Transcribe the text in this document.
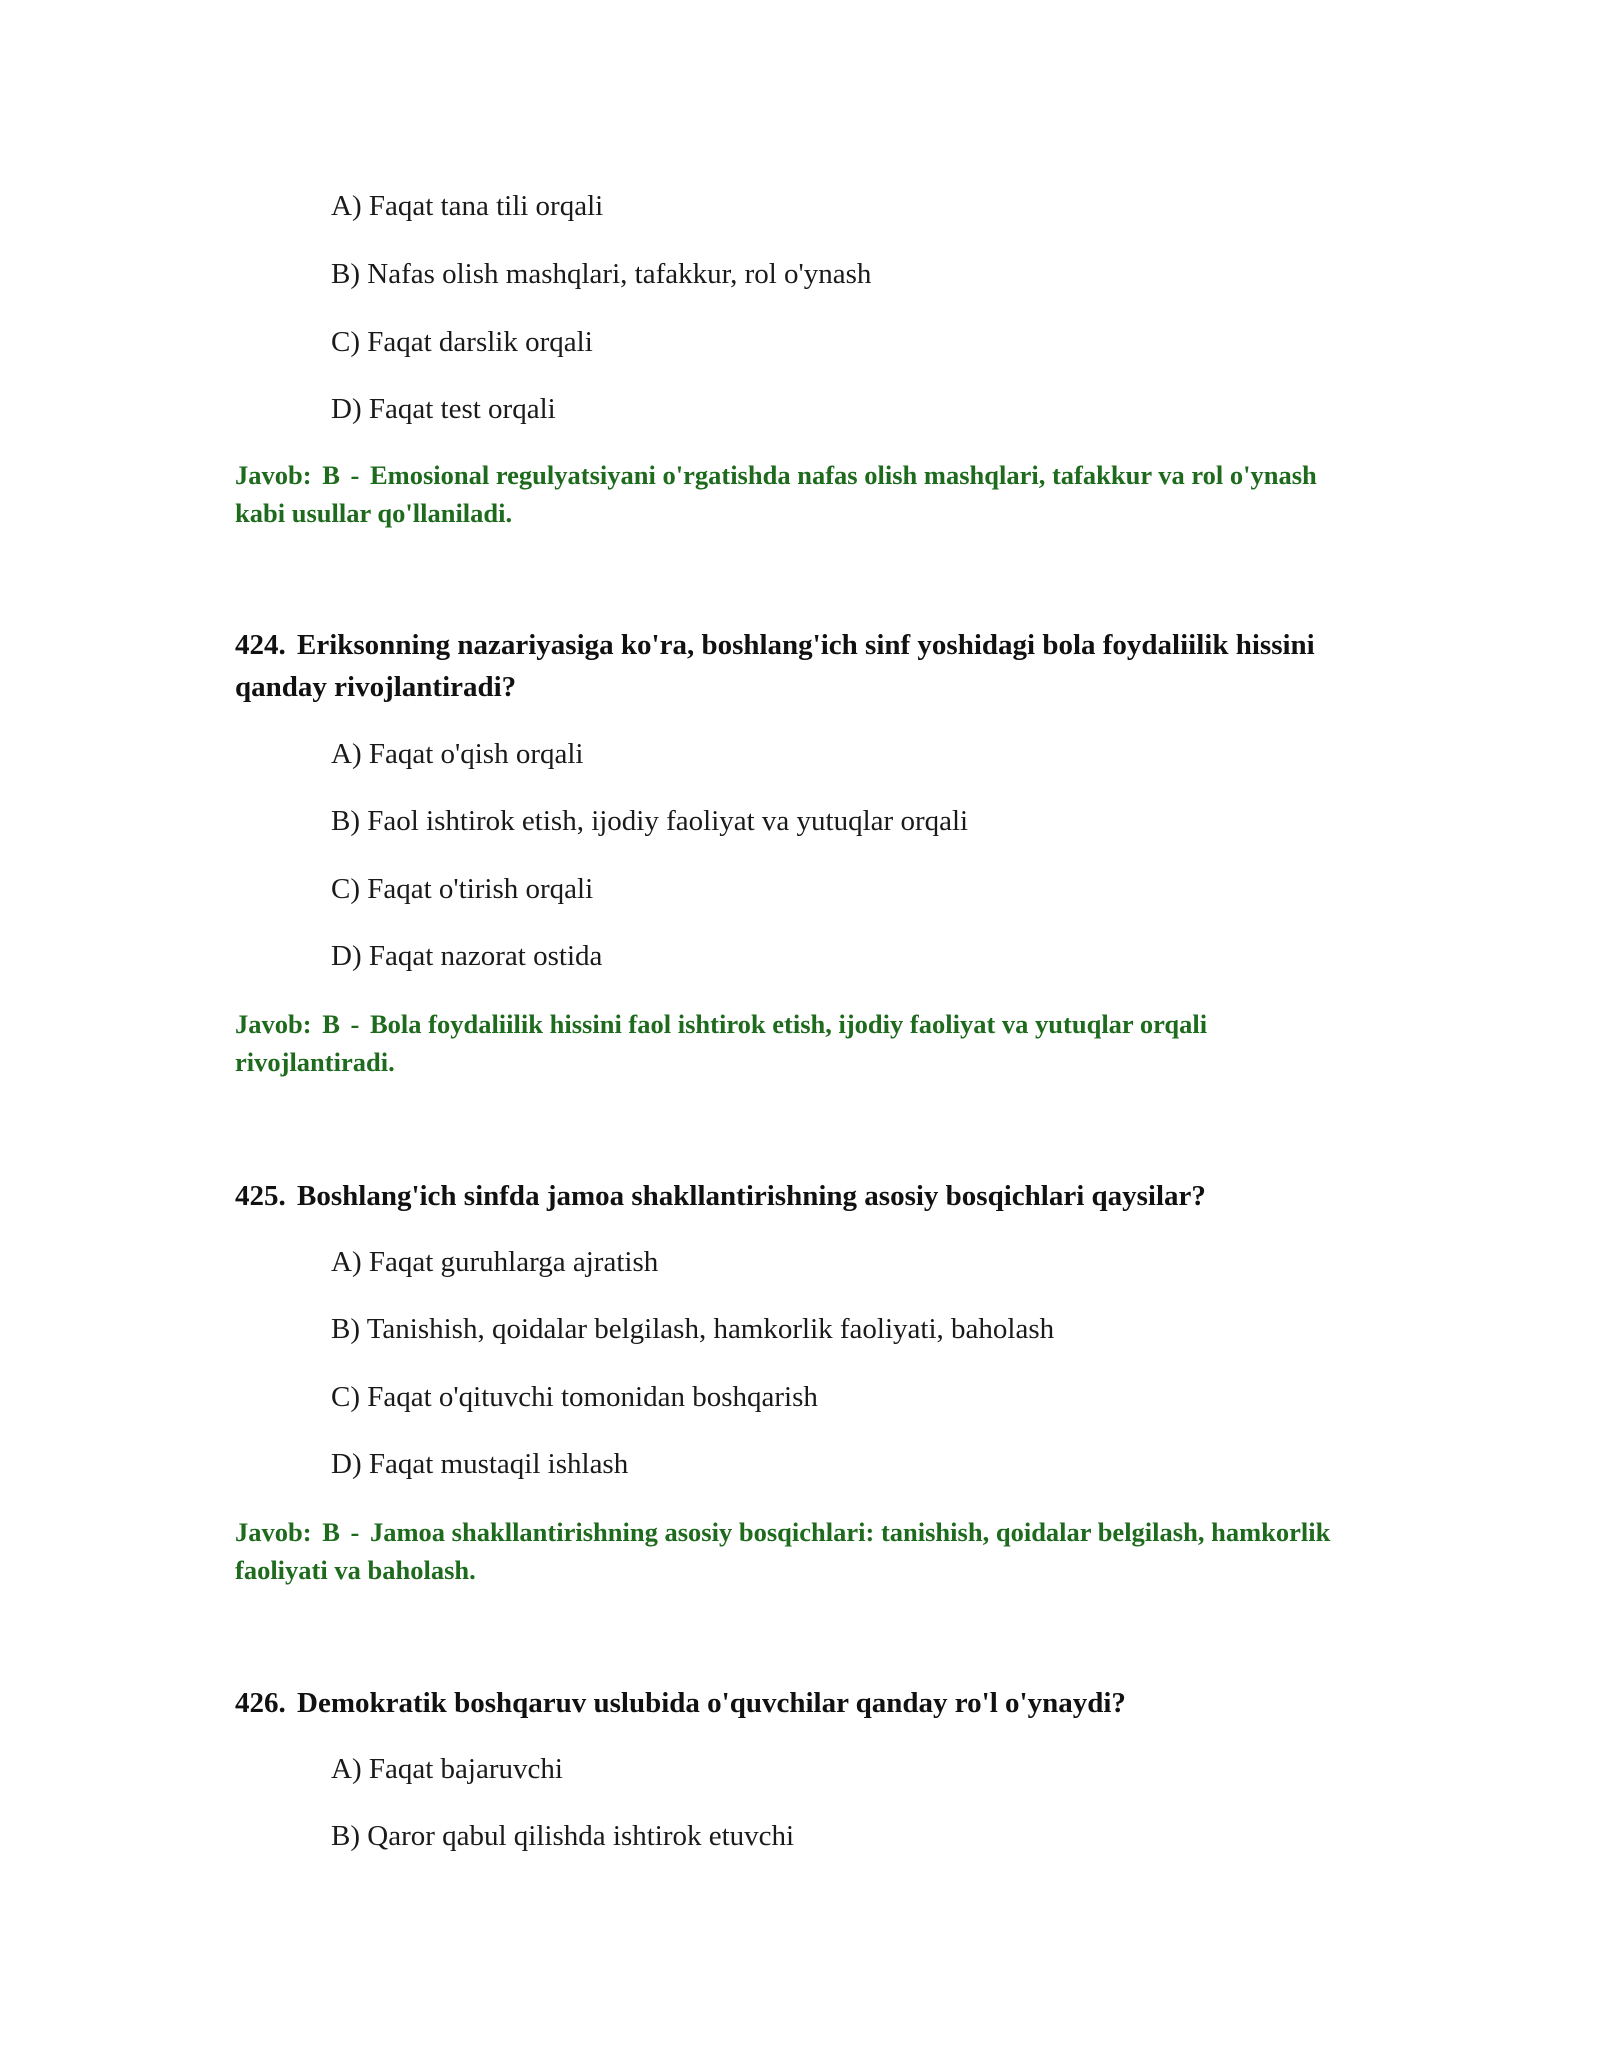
A) Faqat tana tili orqali
B) Nafas olish mashqlari, tafakkur, rol o'ynash
C) Faqat darslik orqali
D) Faqat test orqali
Javob: B - Emosional regulyatsiyani o'rgatishda nafas olish mashqlari, tafakkur va rol o'ynash kabi usullar qo'llaniladi.
424. Eriksonning nazariyasiga ko'ra, boshlang'ich sinf yoshidagi bola foydaliilik hissini qanday rivojlantiradi?
A) Faqat o'qish orqali
B) Faol ishtirok etish, ijodiy faoliyat va yutuqlar orqali
C) Faqat o'tirish orqali
D) Faqat nazorat ostida
Javob: B - Bola foydaliilik hissini faol ishtirok etish, ijodiy faoliyat va yutuqlar orqali rivojlantiradi.
425. Boshlang'ich sinfda jamoa shakllantirishning asosiy bosqichlari qaysilar?
A) Faqat guruhlarga ajratish
B) Tanishish, qoidalar belgilash, hamkorlik faoliyati, baholash
C) Faqat o'qituvchi tomonidan boshqarish
D) Faqat mustaqil ishlash
Javob: B - Jamoa shakllantirishning asosiy bosqichlari: tanishish, qoidalar belgilash, hamkorlik faoliyati va baholash.
426. Demokratik boshqaruv uslubida o'quvchilar qanday ro'l o'ynaydi?
A) Faqat bajaruvchi
B) Qaror qabul qilishda ishtirok etuvchi
